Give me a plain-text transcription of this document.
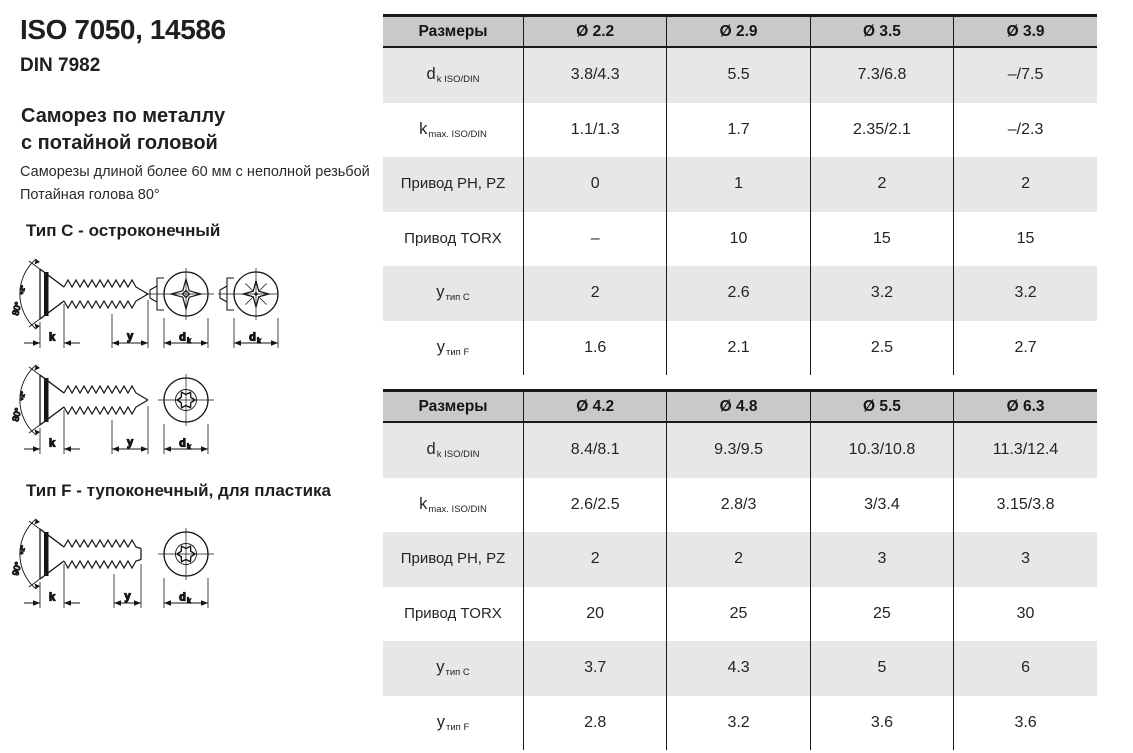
ISO 7050, 14586
DIN 7982
Саморез по металлу
с потайной головой
Саморезы длиной более 60 мм с неполной резьбой
Потайная голова 80°
Тип С - остроконечный
80°
+2°
k	y	d k	d k
80°
+2°
k	y	d k
Тип F - тупоконечный, для пластика
90°
+2°
k	y	d k
Размеры	Ø 2.2	Ø 2.9	Ø 3.5	Ø 3.9
$d_{k ISO/DIN}$	3.8/4.3	5.5	7.3/6.8	–/7.5
$k_{max. ISO/DIN}$	1.1/1.3	1.7	2.35/2.1	–/2.3
Привод PH, PZ	0	1	2	2
Привод TORX	–	10	15	15
$y_{тип С}$	2	2.6	3.2	3.2
$y_{тип F}$	1.6	2.1	2.5	2.7
Размеры	Ø 4.2	Ø 4.8	Ø 5.5	Ø 6.3
$d_{k ISO/DIN}$	8.4/8.1	9.3/9.5	10.3/10.8	11.3/12.4
$k_{max. ISO/DIN}$	2.6/2.5	2.8/3	3/3.4	3.15/3.8
Привод PH, PZ	2	2	3	3
Привод TORX	20	25	25	30
$y_{тип С}$	3.7	4.3	5	6
$y_{тип F}$	2.8	3.2	3.6	3.6
